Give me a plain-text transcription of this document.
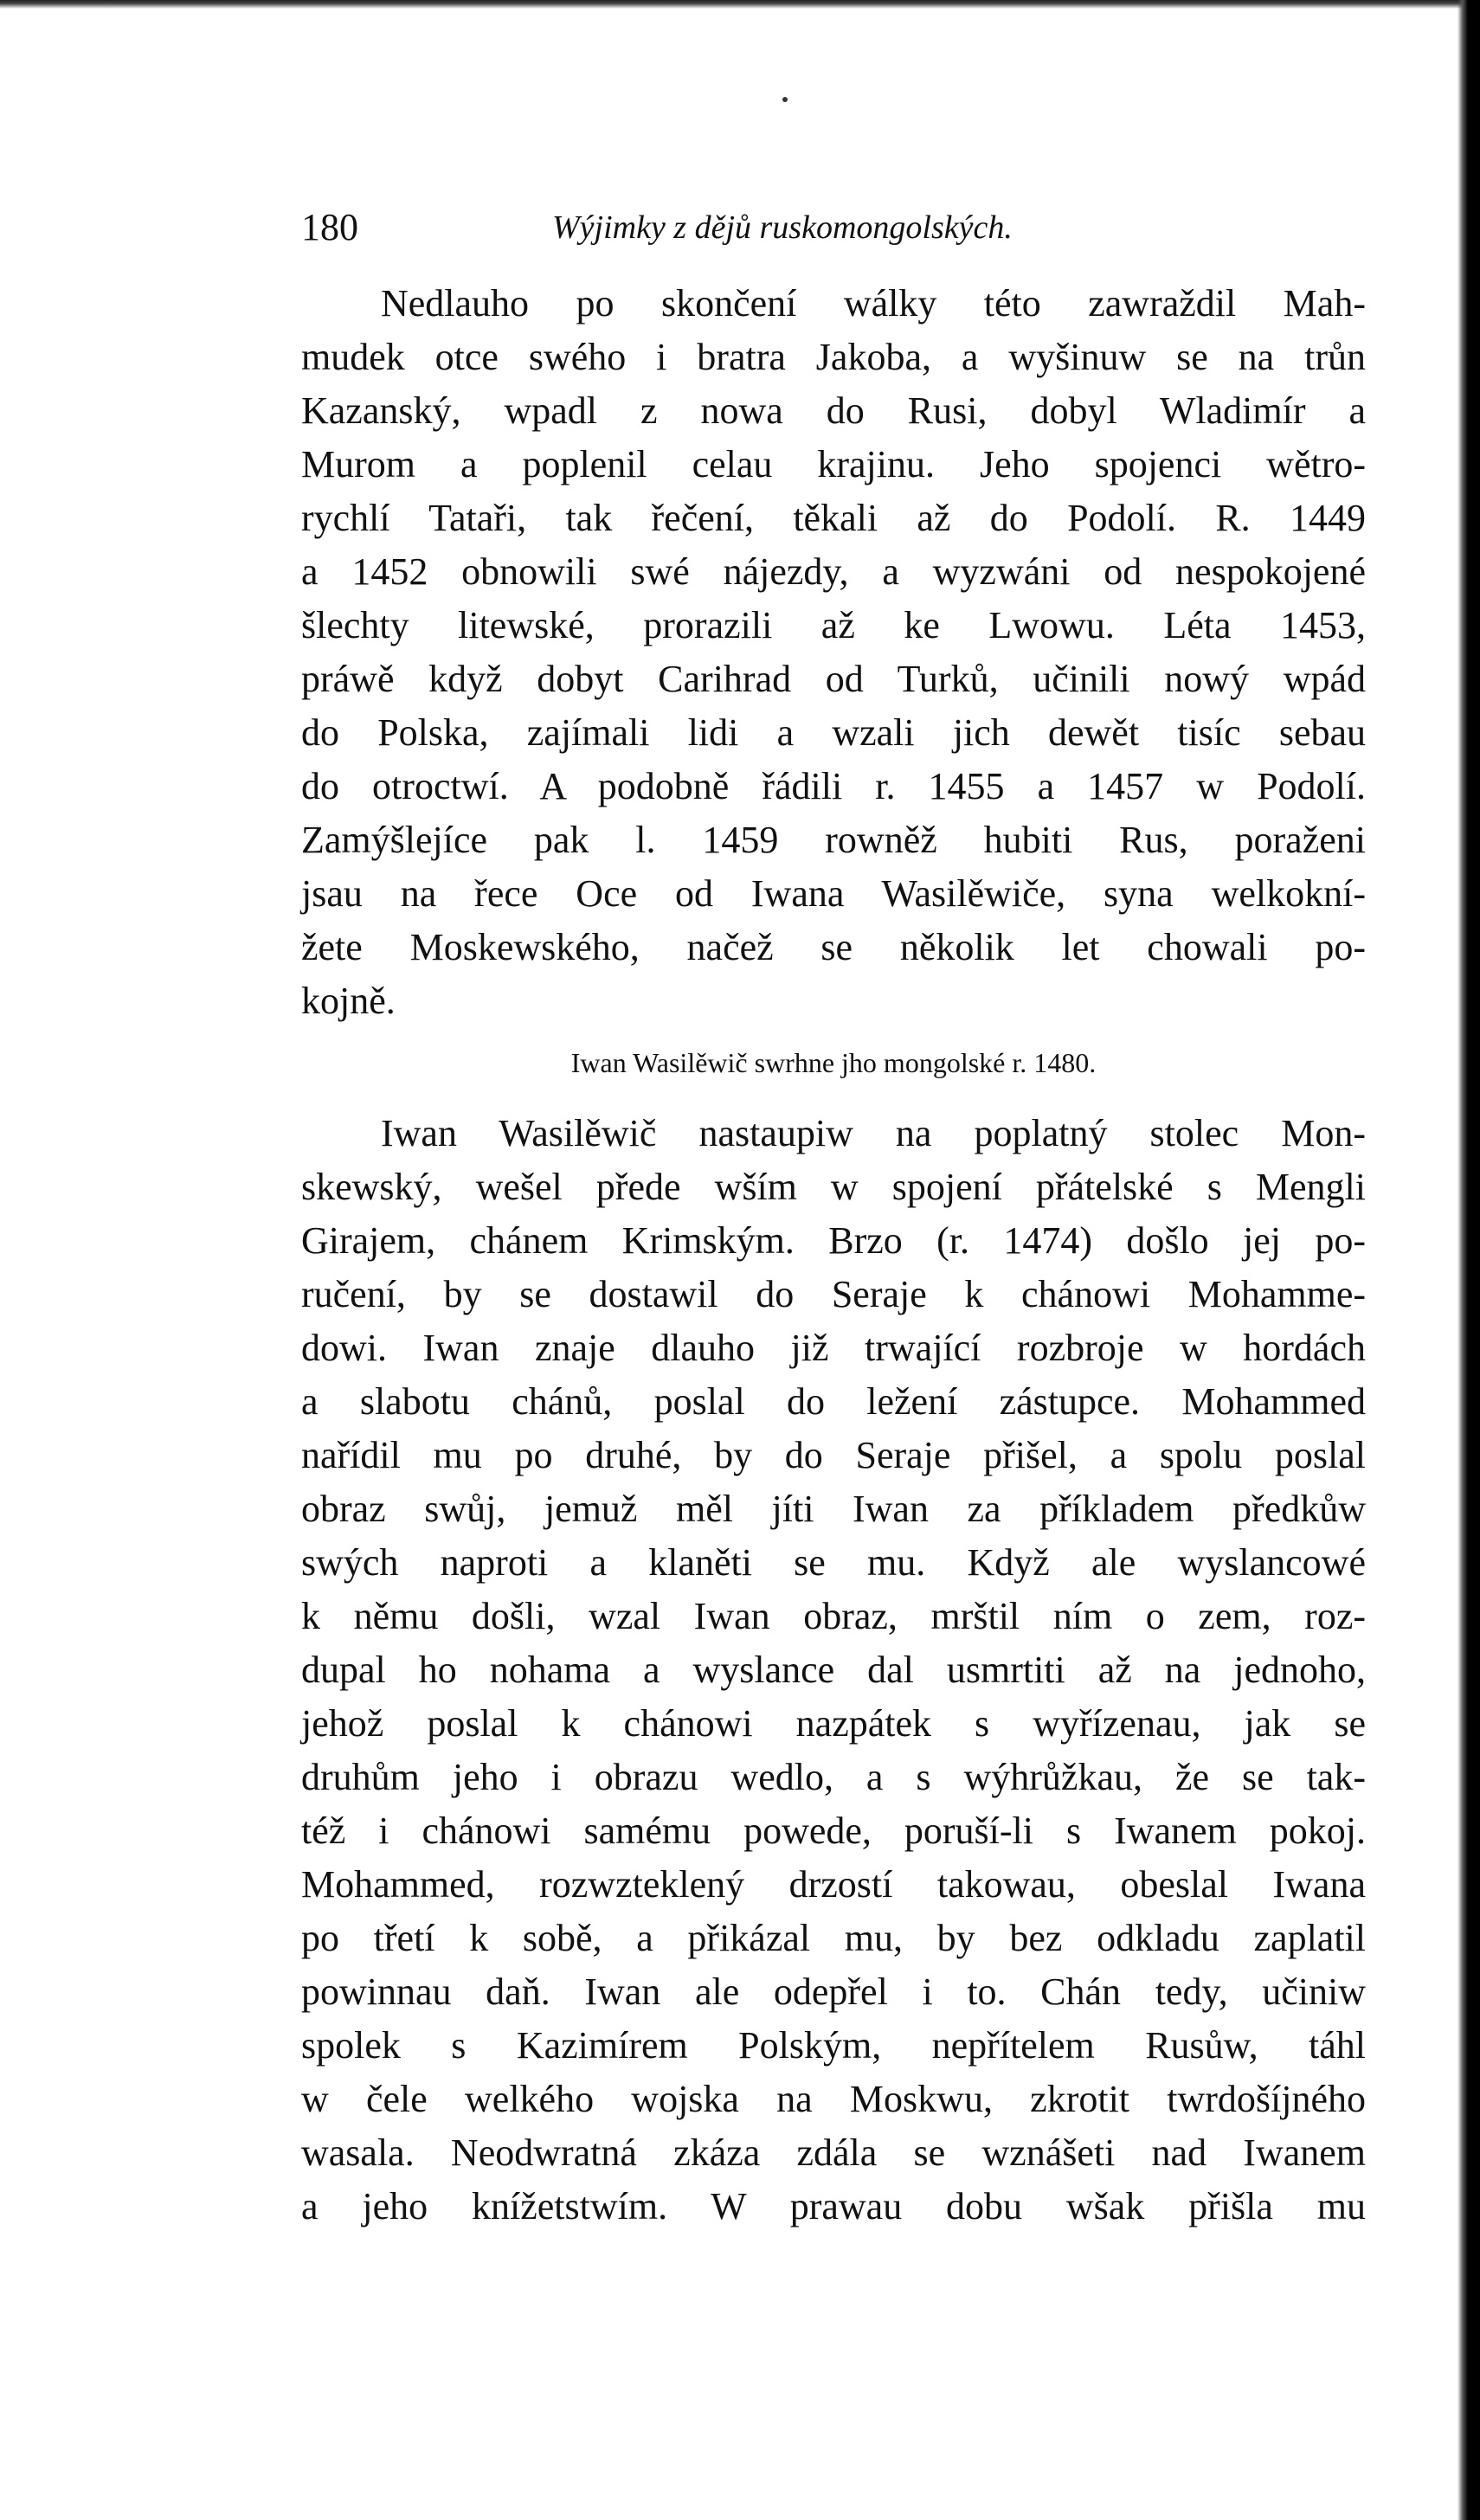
180	Wýjimky z dějů ruskomongolských.
Nedlauho po skončení wálky této zawraždil Mah-
mudek otce swého i bratra Jakoba, a wyšinuw se na trůn
Kazanský, wpadl z nowa do Rusi, dobyl Wladimír a
Murom a poplenil celau krajinu. Jeho spojenci wětro-
rychlí Tataři, tak řečení, těkali až do Podolí. R. 1449
a 1452 obnowili swé nájezdy, a wyzwáni od nespokojené
šlechty litewské, prorazili až ke Lwowu. Léta 1453,
práwě když dobyt Carihrad od Turků, učinili nowý wpád
do Polska, zajímali lidi a wzali jich dewět tisíc sebau
do otroctwí. A podobně řádili r. 1455 a 1457 w Podolí.
Zamýšlejíce pak l. 1459 rowněž hubiti Rus, poraženi
jsau na řece Oce od Iwana Wasilěwiče, syna welkokní-
žete Moskewského, načež se několik let chowali po-
kojně.
Iwan Wasilěwič swrhne jho mongolské r. 1480.
Iwan Wasilěwič nastaupiw na poplatný stolec Mon-
skewský, wešel přede wším w spojení přátelské s Mengli
Girajem, chánem Krimským. Brzo (r. 1474) došlo jej po-
ručení, by se dostawil do Seraje k chánowi Mohamme-
dowi. Iwan znaje dlauho již trwající rozbroje w hordách
a slabotu chánů, poslal do ležení zástupce. Mohammed
nařídil mu po druhé, by do Seraje přišel, a spolu poslal
obraz swůj, jemuž měl jíti Iwan za příkladem předkůw
swých naproti a klaněti se mu. Když ale wyslancowé
k němu došli, wzal Iwan obraz, mrštil ním o zem, roz-
dupal ho nohama a wyslance dal usmrtiti až na jednoho,
jehož poslal k chánowi nazpátek s wyřízenau, jak se
druhům jeho i obrazu wedlo, a s wýhrůžkau, že se tak-
též i chánowi samému powede, poruší-li s Iwanem pokoj.
Mohammed, rozwzteklený drzostí takowau, obeslal Iwana
po třetí k sobě, a přikázal mu, by bez odkladu zaplatil
powinnau daň. Iwan ale odepřel i to. Chán tedy, učiniw
spolek s Kazimírem Polským, nepřítelem Rusůw, táhl
w čele welkého wojska na Moskwu, zkrotit twrdošíjného
wasala. Neodwratná zkáza zdála se wznášeti nad Iwanem
a jeho knížetstwím. W prawau dobu wšak přišla mu
